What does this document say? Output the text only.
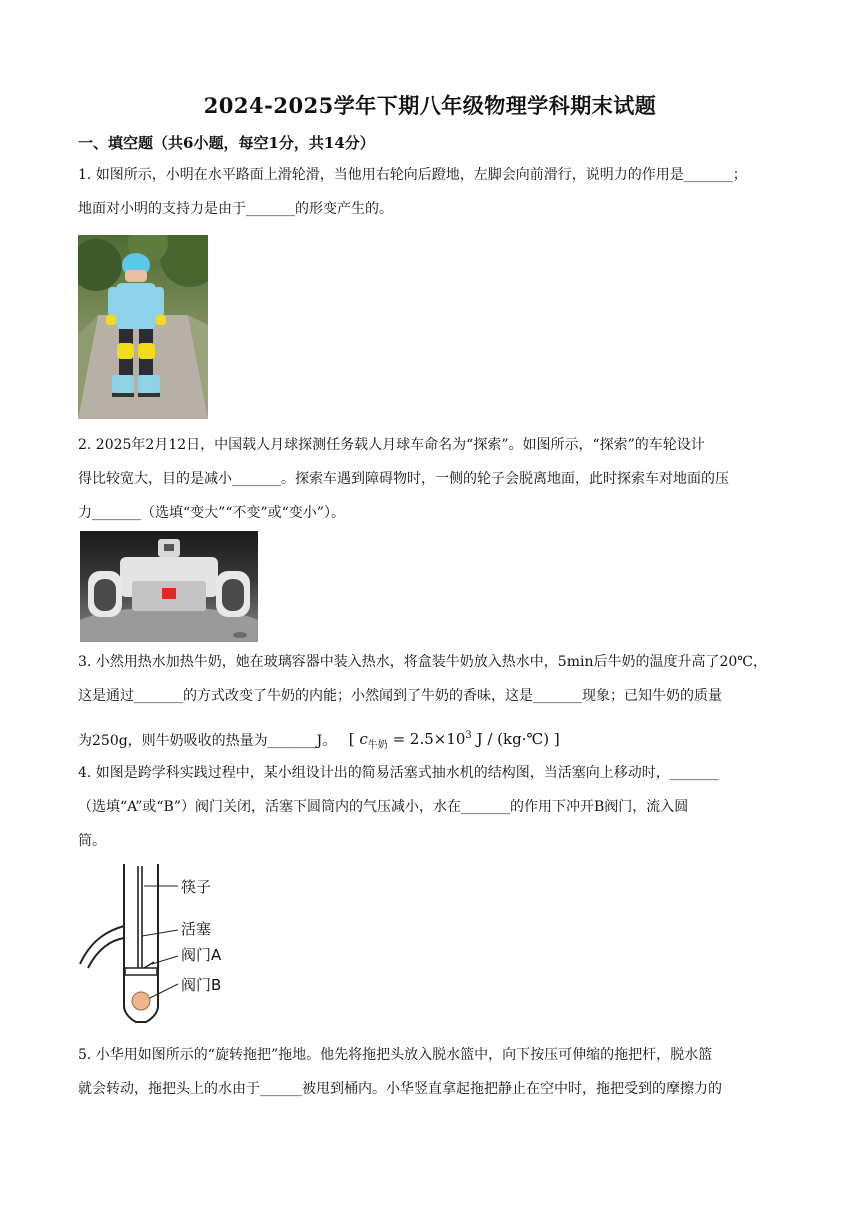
2024-2025学年下期八年级物理学科期末试题
一、填空题（共6小题，每空1分，共14分）
1. 如图所示，小明在水平路面上滑轮滑，当他用右轮向后蹬地，左脚会向前滑行，说明力的作用是_______；
地面对小明的支持力是由于_______的形变产生的。
2. 2025年2月12日，中国载人月球探测任务载人月球车命名为“探索”。如图所示，“探索”的车轮设计
得比较宽大，目的是减小_______。探索车遇到障碍物时，一侧的轮子会脱离地面，此时探索车对地面的压
力_______（选填“变大”“不变”或“变小”）。
3. 小然用热水加热牛奶，她在玻璃容器中装入热水，将盒装牛奶放入热水中，5min后牛奶的温度升高了20℃，
这是通过_______的方式改变了牛奶的内能；小然闻到了牛奶的香味，这是_______现象；已知牛奶的质量
为250g，则牛奶吸收的热量为_______J。 [ $c_{牛奶} = 2.5\times 10^3$ J / (kg·℃) ]
4. 如图是跨学科实践过程中，某小组设计出的简易活塞式抽水机的结构图，当活塞向上移动时，_______
（选填“A”或“B”）阀门关闭，活塞下圆筒内的气压减小，水在_______的作用下冲开B阀门，流入圆
筒。
筷子
活塞
阀门A
阀门B
5. 小华用如图所示的“旋转拖把”拖地。他先将拖把头放入脱水篮中，向下按压可伸缩的拖把杆，脱水篮
就会转动，拖把头上的水由于______被甩到桶内。小华竖直拿起拖把静止在空中时，拖把受到的摩擦力的
